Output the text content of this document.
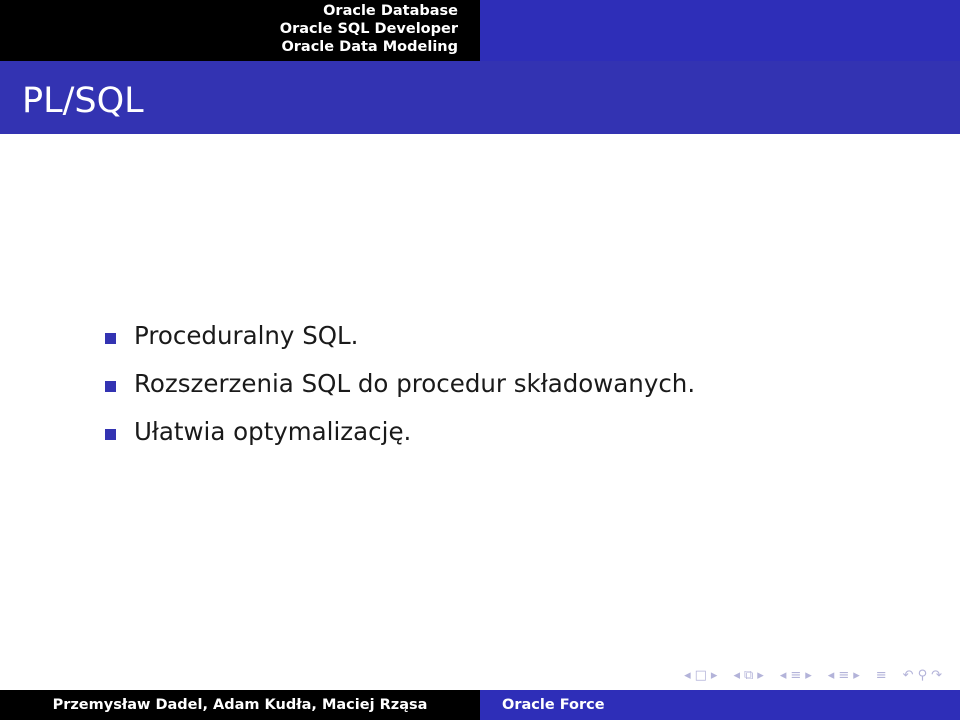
Oracle Database
Oracle SQL Developer
Oracle Data Modeling
PL/SQL
Proceduralny SQL.
Rozszerzenia SQL do procedur składowanych.
Ułatwia optymalizację.
◂ □ ▸ ◂ ⧉ ▸ ◂ ≡ ▸ ◂ ≡ ▸ ≡ ↶ ⚲ ↷
Przemysław Dadel, Adam Kudła, Maciej Rząsa	Oracle Force
